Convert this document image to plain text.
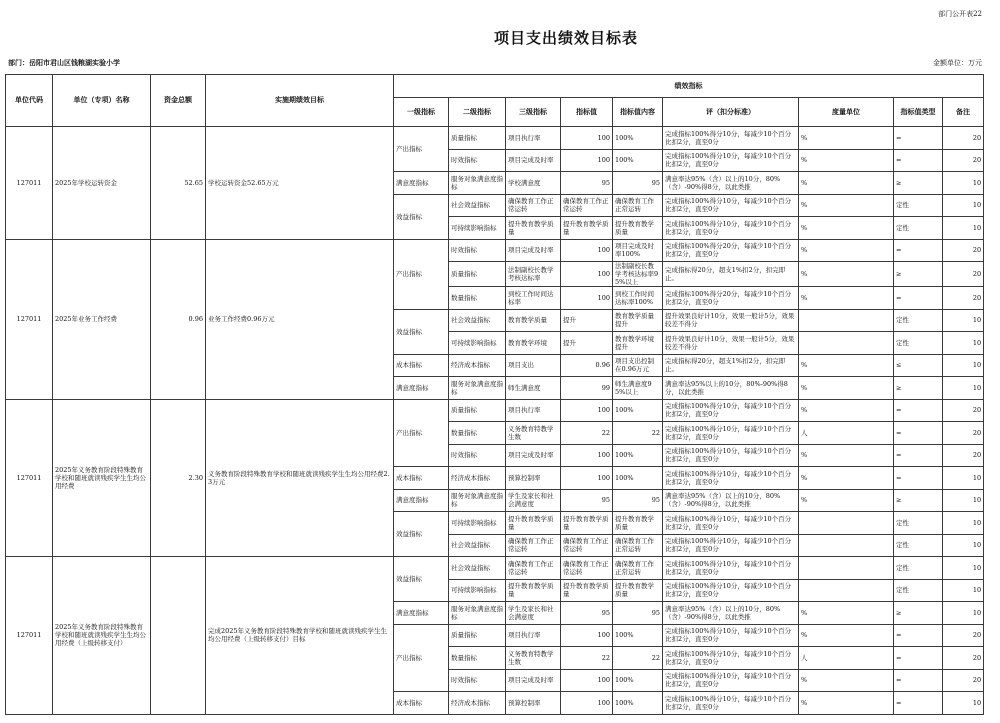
部门公开表22
项目支出绩效目标表
部门：岳阳市君山区钱粮湖实验小学	金额单位：万元
单位代码	单位（专项）名称	资金总额	实施期绩效目标	绩效指标								
				一级指标	二级指标	三级指标	指标值	指标值内容	评（扣分标准）	度量单位	指标值类型	备注

127011	2025年学校运转资金	52.65	学校运转资金52.65万元	产出指标	质量指标	项目执行率	100	100%	完成指标100%得分10分，每减少10个百分比扣2分，直至0分	%	=	20

					时效指标	项目完成及时率	100	100%	完成指标100%得分10分，每减少10个百分比扣2分，直至0分	%	=	20

				满意度指标	服务对象满意度指标	学校满意度	95	95	满意率达95%（含）以上的10分，80%（含）-90%得8分，以此类推	%	≥	10

				效益指标	社会效益指标	确保教育工作正常运转	确保教育工作正常运转	确保教育工作正常运转	完成指标100%得分10分，每减少10个百分比扣2分，直至0分	%	定性	10

					可持续影响指标	提升教育教学质量	提升教育教学质量	提升教育教学质量	完成指标100%得分10分，每减少10个百分比扣2分，直至0分	%	定性	10

127011	2025年业务工作经费	0.96	业务工作经费0.96万元	产出指标	时效指标	项目完成及时率	100	项目完成及时率100%	完成指标100%得分20分，每减少10个百分比扣2分，直至0分	%	=	20

					质量指标	法制副校长教学考核达标率	100	法制副校长教学考核达标率95%以上	完成指标得20分，超支1%扣2分，扣完即止。	%	≥	20

					数量指标	到校工作时间达标率	100	到校工作时间达标率100%	完成指标100%得分20分，每减少10个百分比扣2分，直至0分	%	=	20

				效益指标	社会效益指标	教育教学质量	提升	教育教学质量提升	提升效果良好计10分，效果一般计5分，效果较差不得分		定性	10

					可持续影响指标	教育教学环境	提升	教育教学环境提升	提升效果良好计10分，效果一般计5分，效果较差不得分		定性	10

				成本指标	经济成本指标	项目支出	0.96	项目支出控制在0.96万元	完成指标得20分，超支1%扣2分，扣完即止。	%	≤	10

				满意度指标	服务对象满意度指标	师生满意度	99	师生满意度95%以上	满意率达95%以上的10分，80%-90%得8分，以此类推	%	≥	10

127011	2025年义务教育阶段特殊教育学校和随班就读残疾学生生均公用经费	2.30	义务教育阶段特殊教育学校和随班就读残疾学生生均公用经费2.3万元	产出指标	质量指标	项目执行率	100	100%	完成指标100%得分10分，每减少10个百分比扣2分，直至0分	%	=	20

					数量指标	义务教育特教学生数	22	22	完成指标100%得分10分，每减少10个百分比扣2分，直至0分	人	=	20

					时效指标	项目完成及时率	100	100%	完成指标100%得分10分，每减少10个百分比扣2分，直至0分	%	=	20

				成本指标	经济成本指标	预算控制率	100	100%	完成指标100%得分10分，每减少10个百分比扣2分，直至0分	%	=	10

				满意度指标	服务对象满意度指标	学生及家长和社会满意度	95	95	满意率达95%（含）以上的10分，80%（含）-90%得8分，以此类推	%	≥	10

				效益指标	可持续影响指标	提升教育教学质量	提升教育教学质量	提升教育教学质量	完成指标100%得分10分，每减少10个百分比扣2分，直至0分		定性	10

					社会效益指标	确保教育工作正常运转	确保教育工作正常运转	确保教育工作正常运转	完成指标100%得分10分，每减少10个百分比扣2分，直至0分		定性	10

127011	2025年义务教育阶段特殊教育学校和随班就读残疾学生生均公用经费（上级转移支付）		完成2025年义务教育阶段特殊教育学校和随班就读残疾学生生均公用经费（上级转移支付）目标	效益指标	社会效益指标	确保教育工作正常运转	确保教育工作正常运转	确保教育工作正常运转	完成指标100%得分10分，每减少10个百分比扣2分，直至0分		定性	10

					可持续影响指标	提升教育教学质量	提升教育教学质量	提升教育教学质量	完成指标100%得分10分，每减少10个百分比扣2分，直至0分		定性	10

				满意度指标	服务对象满意度指标	学生及家长和社会满意度	95	95	满意率达95%（含）以上的10分，80%（含）-90%得8分，以此类推	%	≥	10

				产出指标	质量指标	项目执行率	100	100%	完成指标100%得分10分，每减少10个百分比扣2分，直至0分	%	=	20

					数量指标	义务教育特教学生数	22	22	完成指标100%得分10分，每减少10个百分比扣2分，直至0分	人	=	20

					时效指标	项目完成及时率	100	100%	完成指标100%得分10分，每减少10个百分比扣2分，直至0分	%	=	20

				成本指标	经济成本指标	预算控制率	100	100%	完成指标100%得分10分，每减少10个百分比扣2分，直至0分	%	=	10
